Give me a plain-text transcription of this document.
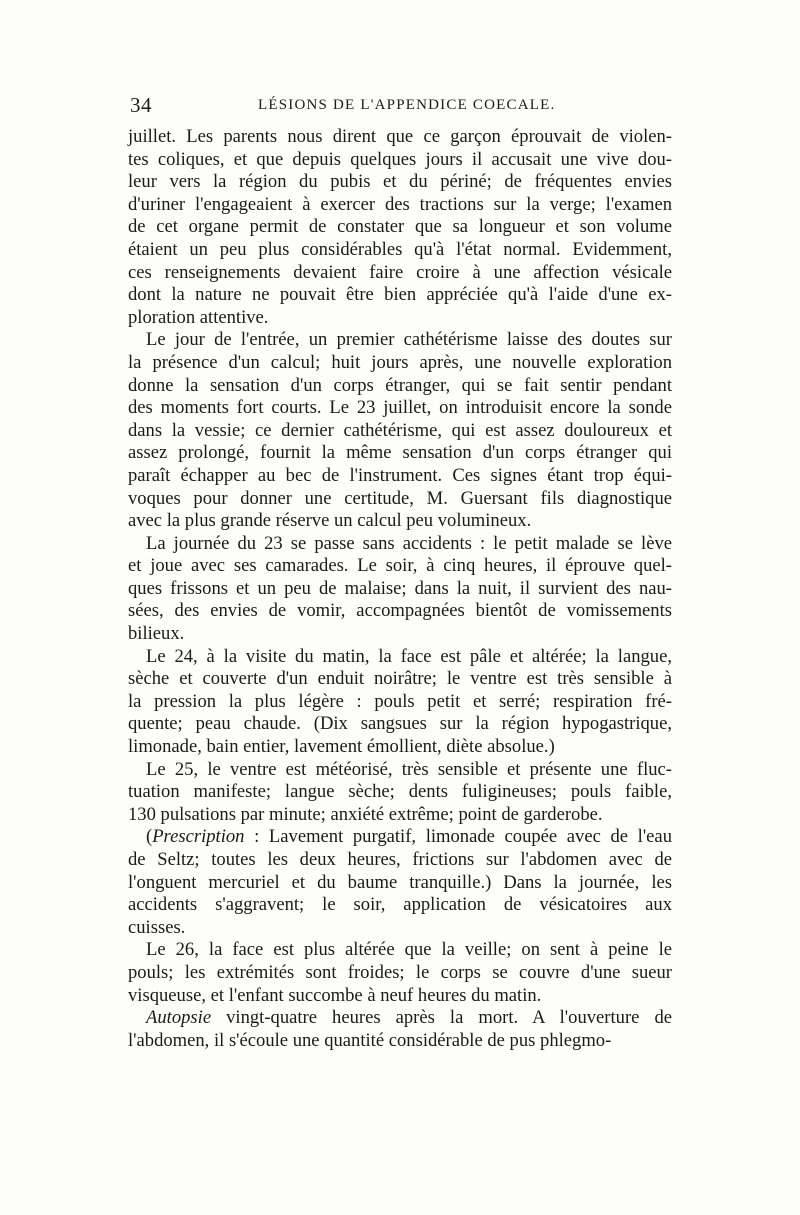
34	LÉSIONS DE L'APPENDICE COECALE.
juillet. Les parents nous dirent que ce garçon éprouvait de violen-
tes coliques, et que depuis quelques jours il accusait une vive dou-
leur vers la région du pubis et du périné; de fréquentes envies
d'uriner l'engageaient à exercer des tractions sur la verge; l'examen
de cet organe permit de constater que sa longueur et son volume
étaient un peu plus considérables qu'à l'état normal. Evidemment,
ces renseignements devaient faire croire à une affection vésicale
dont la nature ne pouvait être bien appréciée qu'à l'aide d'une ex-
ploration attentive.
Le jour de l'entrée, un premier cathétérisme laisse des doutes sur
la présence d'un calcul; huit jours après, une nouvelle exploration
donne la sensation d'un corps étranger, qui se fait sentir pendant
des moments fort courts. Le 23 juillet, on introduisit encore la sonde
dans la vessie; ce dernier cathétérisme, qui est assez douloureux et
assez prolongé, fournit la même sensation d'un corps étranger qui
paraît échapper au bec de l'instrument. Ces signes étant trop équi-
voques pour donner une certitude, M. Guersant fils diagnostique
avec la plus grande réserve un calcul peu volumineux.
La journée du 23 se passe sans accidents : le petit malade se lève
et joue avec ses camarades. Le soir, à cinq heures, il éprouve quel-
ques frissons et un peu de malaise; dans la nuit, il survient des nau-
sées, des envies de vomir, accompagnées bientôt de vomissements
bilieux.
Le 24, à la visite du matin, la face est pâle et altérée; la langue,
sèche et couverte d'un enduit noirâtre; le ventre est très sensible à
la pression la plus légère : pouls petit et serré; respiration fré-
quente; peau chaude. (Dix sangsues sur la région hypogastrique,
limonade, bain entier, lavement émollient, diète absolue.)
Le 25, le ventre est météorisé, très sensible et présente une fluc-
tuation manifeste; langue sèche; dents fuligineuses; pouls faible,
130 pulsations par minute; anxiété extrême; point de garderobe.
(Prescription : Lavement purgatif, limonade coupée avec de l'eau
de Seltz; toutes les deux heures, frictions sur l'abdomen avec de
l'onguent mercuriel et du baume tranquille.) Dans la journée, les
accidents s'aggravent; le soir, application de vésicatoires aux
cuisses.
Le 26, la face est plus altérée que la veille; on sent à peine le
pouls; les extrémités sont froides; le corps se couvre d'une sueur
visqueuse, et l'enfant succombe à neuf heures du matin.
Autopsie vingt-quatre heures après la mort. A l'ouverture de
l'abdomen, il s'écoule une quantité considérable de pus phlegmo-
